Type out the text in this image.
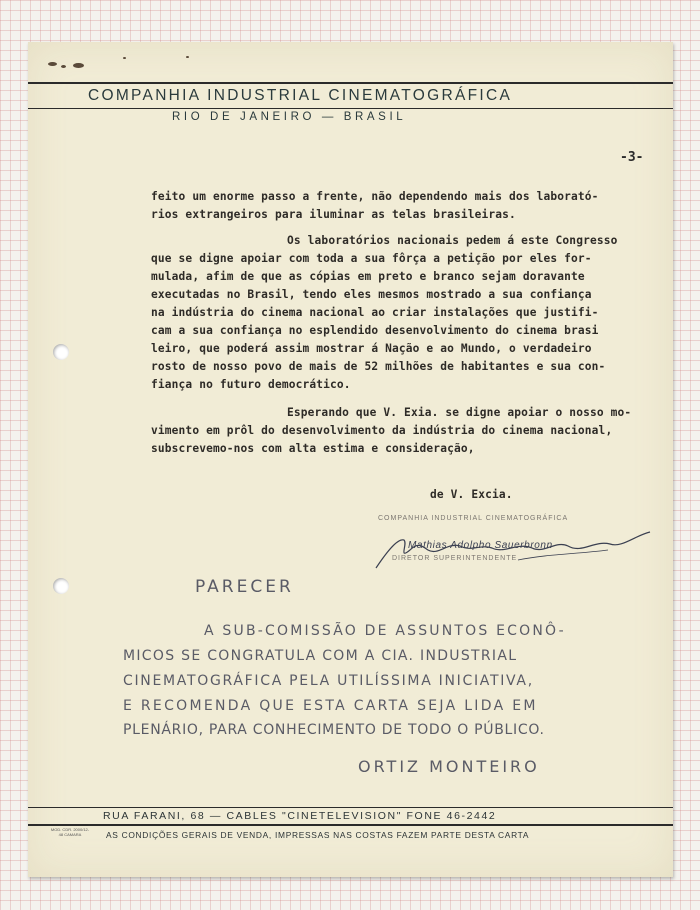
COMPANHIA INDUSTRIAL CINEMATOGRÁFICA
RIO DE JANEIRO — BRASIL
-3-
feito um enorme passo a frente, não dependendo mais dos laborató-
rios extrangeiros para iluminar as telas brasileiras.
Os laboratórios nacionais pedem á este Congresso
que se digne apoiar com toda a sua fôrça a petição por eles for-
mulada, afim de que as cópias em preto e branco sejam doravante
executadas no Brasil, tendo eles mesmos mostrado a sua confiança
na indústria do cinema nacional ao criar instalações que justifi-
cam a sua confiança no esplendido desenvolvimento do cinema brasi
leiro, que poderá assim mostrar á Nação e ao Mundo, o verdadeiro
rosto de nosso povo de mais de 52 milhões de habitantes e sua con-
fiança no futuro democrático.
Esperando que V. Exia. se digne apoiar o nosso mo-
vimento em prôl do desenvolvimento da indústria do cinema nacional,
subscrevemo-nos com alta estima e consideração,
de V. Excia.
COMPANHIA INDUSTRIAL CINEMATOGRÁFICA
Mathias Adolpho Sauerbronn
DIRETOR SUPERINTENDENTE
PARECER
A SUB-COMISSÃO DE ASSUNTOS ECONÔ-
MICOS SE CONGRATULA COM A CIA. INDUSTRIAL
CINEMATOGRÁFICA PELA UTILÍSSIMA INICIATIVA,
E RECOMENDA QUE ESTA CARTA SEJA LIDA EM
PLENÁRIO, PARA CONHECIMENTO DE TODO O PÚBLICO.
ORTIZ MONTEIRO
RUA FARANI, 68 — CABLES "CINETELEVISION" FONE 46-2442
MOD. CDR. 2000/12-48 CAMARA	AS CONDIÇÕES GERAIS DE VENDA, IMPRESSAS NAS COSTAS FAZEM PARTE DESTA CARTA
